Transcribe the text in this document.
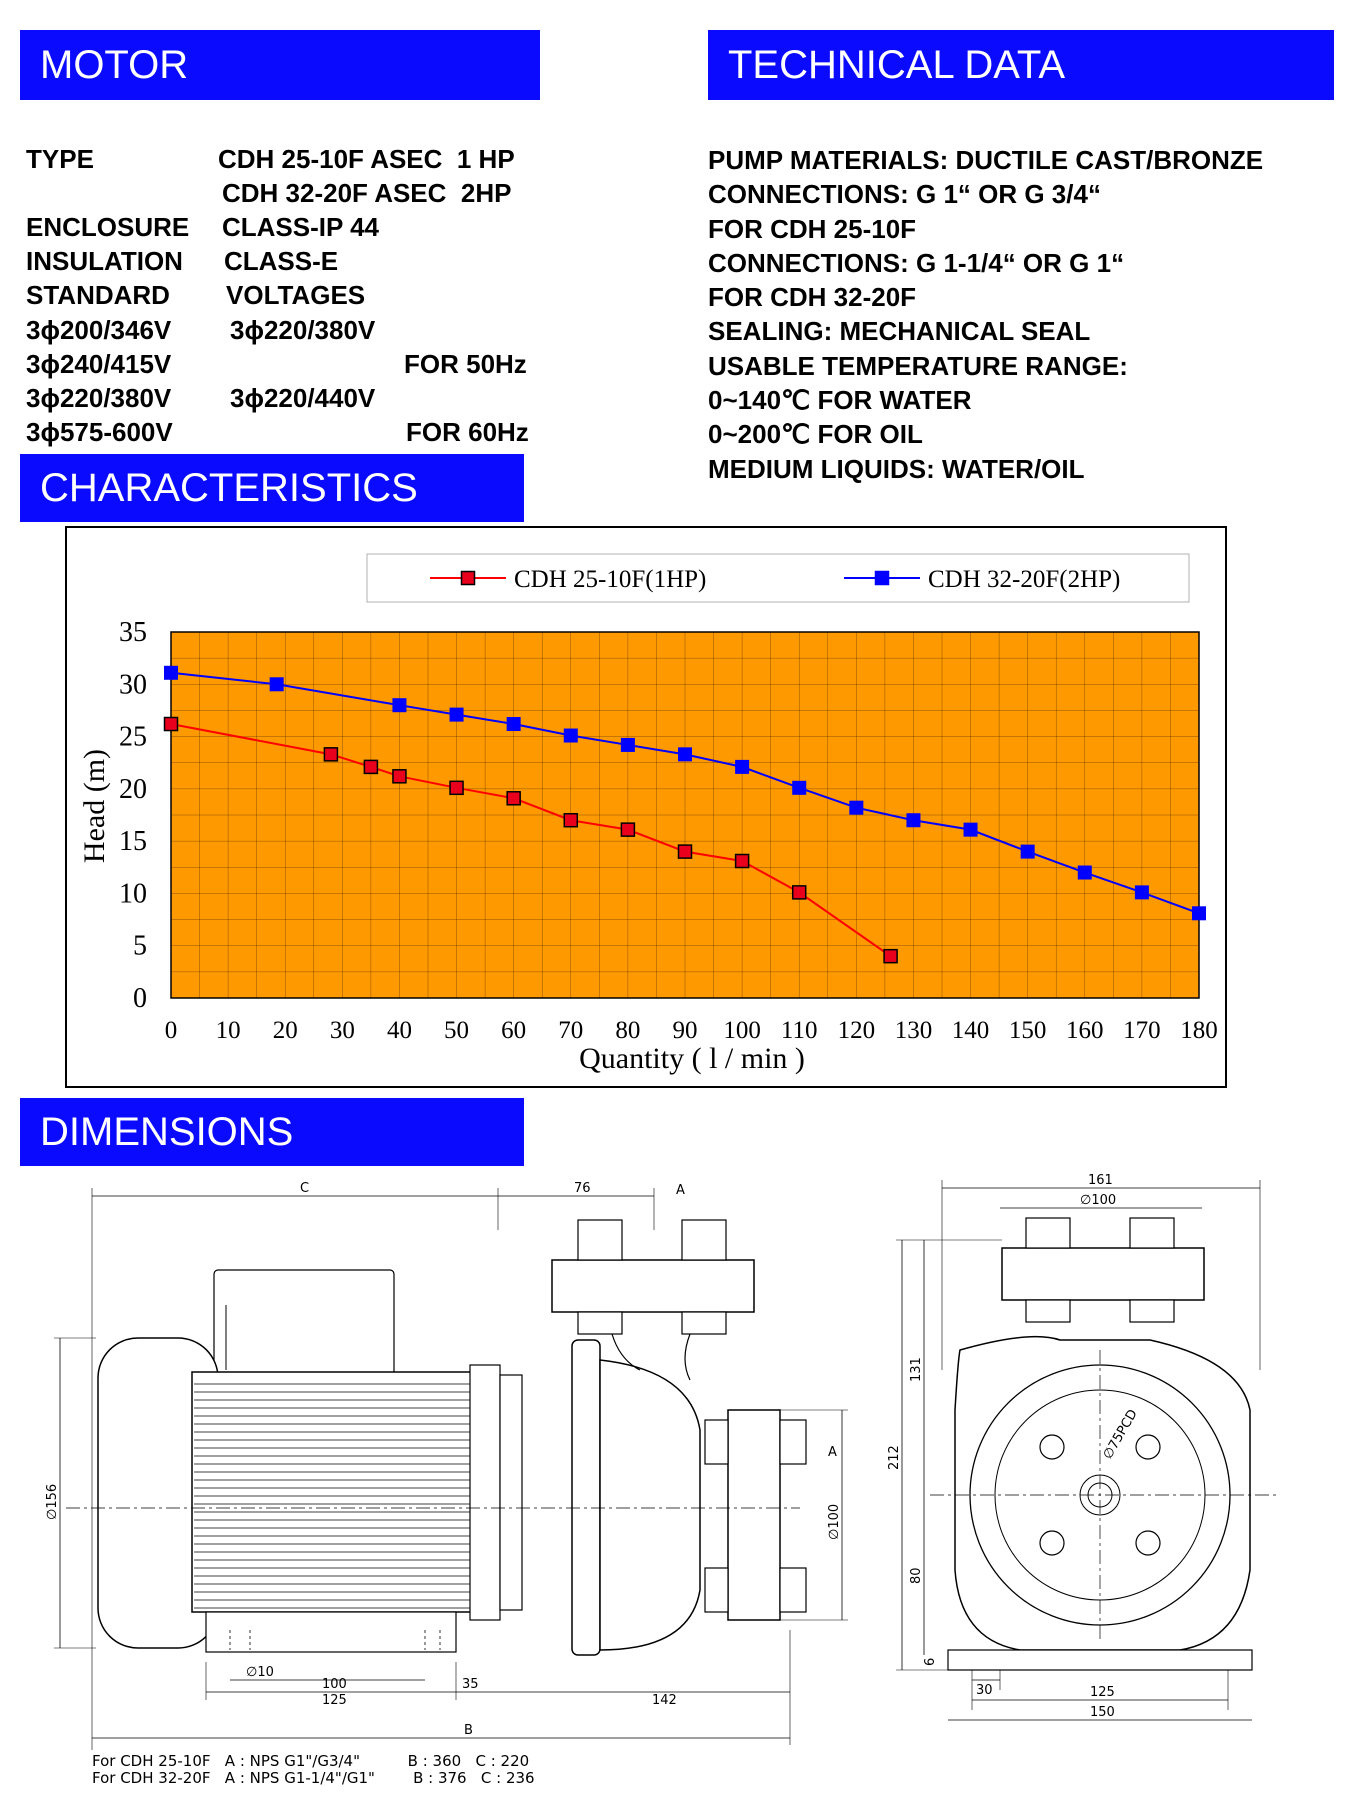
MOTOR	TECHNICAL DATA
CHARACTERISTICS
DIMENSIONS
TYPE	CDH 25-10F ASEC  1 HP
CDH 32-20F ASEC  2HP
ENCLOSURE CLASS-IP 44
INSULATION CLASS-E
STANDARD VOLTAGES
3ϕ200/346V 3ϕ220/380V
3ϕ240/415V	FOR 50Hz
3ϕ220/380V 3ϕ220/440V
3ϕ575-600V	FOR 60Hz
PUMP MATERIALS: DUCTILE CAST/BRONZE
CONNECTIONS: G 1“ OR G 3/4“
FOR CDH 25-10F
CONNECTIONS: G 1-1/4“ OR G 1“
FOR CDH 32-20F
SEALING: MECHANICAL SEAL
USABLE TEMPERATURE RANGE:
0~140℃ FOR WATER
0~200℃ FOR OIL
MEDIUM LIQUIDS: WATER/OIL
CDH 25-10F(1HP)	CDH 32-20F(2HP)
0 10 20 30 40 50 60 70 80 90 100 110 120 130 140 150 160 170 180
0
5
10
15
20
25
30
35
Quantity ( l / min )
Head (m)
C	76	A
∅15​6
∅10
100
125
35
142
B
A
∅100
161
∅100
212
131
80
6
30	125
150
∅75PCD
For CDH 25-10F   A : NPS G1"/G3/4"          B : 360   C : 220
For CDH 32-20F   A : NPS G1-1/4"/G1"        B : 376   C : 236
